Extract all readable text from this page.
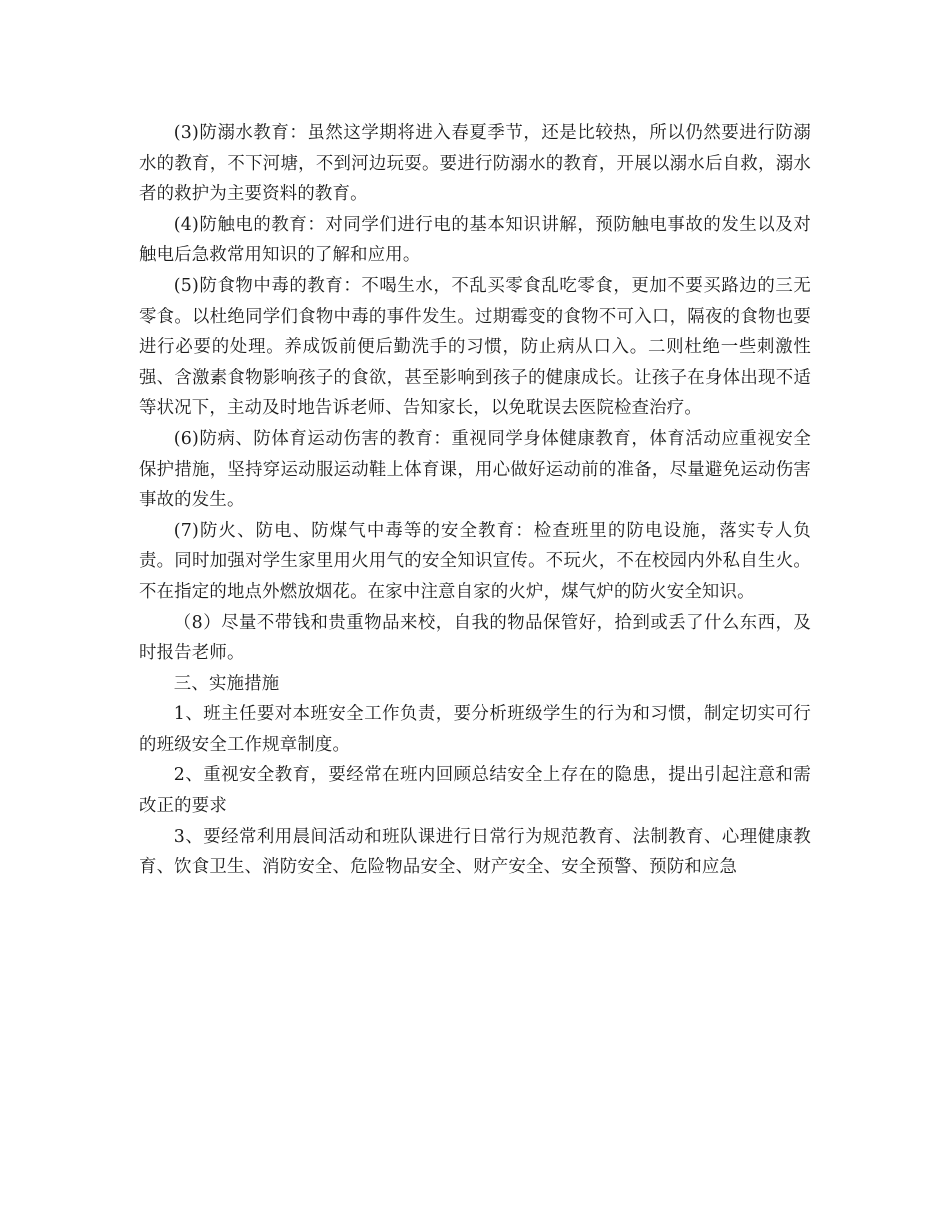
(3)防溺水教育：虽然这学期将进入春夏季节，还是比较热，所以仍然要进行防溺水的教育，不下河塘，不到河边玩耍。要进行防溺水的教育，开展以溺水后自救，溺水者的救护为主要资料的教育。

(4)防触电的教育：对同学们进行电的基本知识讲解，预防触电事故的发生以及对触电后急救常用知识的了解和应用。

(5)防食物中毒的教育：不喝生水，不乱买零食乱吃零食，更加不要买路边的三无零食。以杜绝同学们食物中毒的事件发生。过期霉变的食物不可入口，隔夜的食物也要进行必要的处理。养成饭前便后勤洗手的习惯，防止病从口入。二则杜绝一些刺激性强、含激素食物影响孩子的食欲，甚至影响到孩子的健康成长。让孩子在身体出现不适等状况下，主动及时地告诉老师、告知家长，以免耽误去医院检查治疗。

(6)防病、防体育运动伤害的教育：重视同学身体健康教育，体育活动应重视安全保护措施，坚持穿运动服运动鞋上体育课，用心做好运动前的准备，尽量避免运动伤害事故的发生。

(7)防火、防电、防煤气中毒等的安全教育：检查班里的防电设施，落实专人负责。同时加强对学生家里用火用气的安全知识宣传。不玩火，不在校园内外私自生火。不在指定的地点外燃放烟花。在家中注意自家的火炉，煤气炉的防火安全知识。

（8）尽量不带钱和贵重物品来校，自我的物品保管好，拾到或丢了什么东西，及时报告老师。

三、实施措施

1、班主任要对本班安全工作负责，要分析班级学生的行为和习惯，制定切实可行的班级安全工作规章制度。

2、重视安全教育，要经常在班内回顾总结安全上存在的隐患，提出引起注意和需改正的要求

3、要经常利用晨间活动和班队课进行日常行为规范教育、法制教育、心理健康教育、饮食卫生、消防安全、危险物品安全、财产安全、安全预警、预防和应急
